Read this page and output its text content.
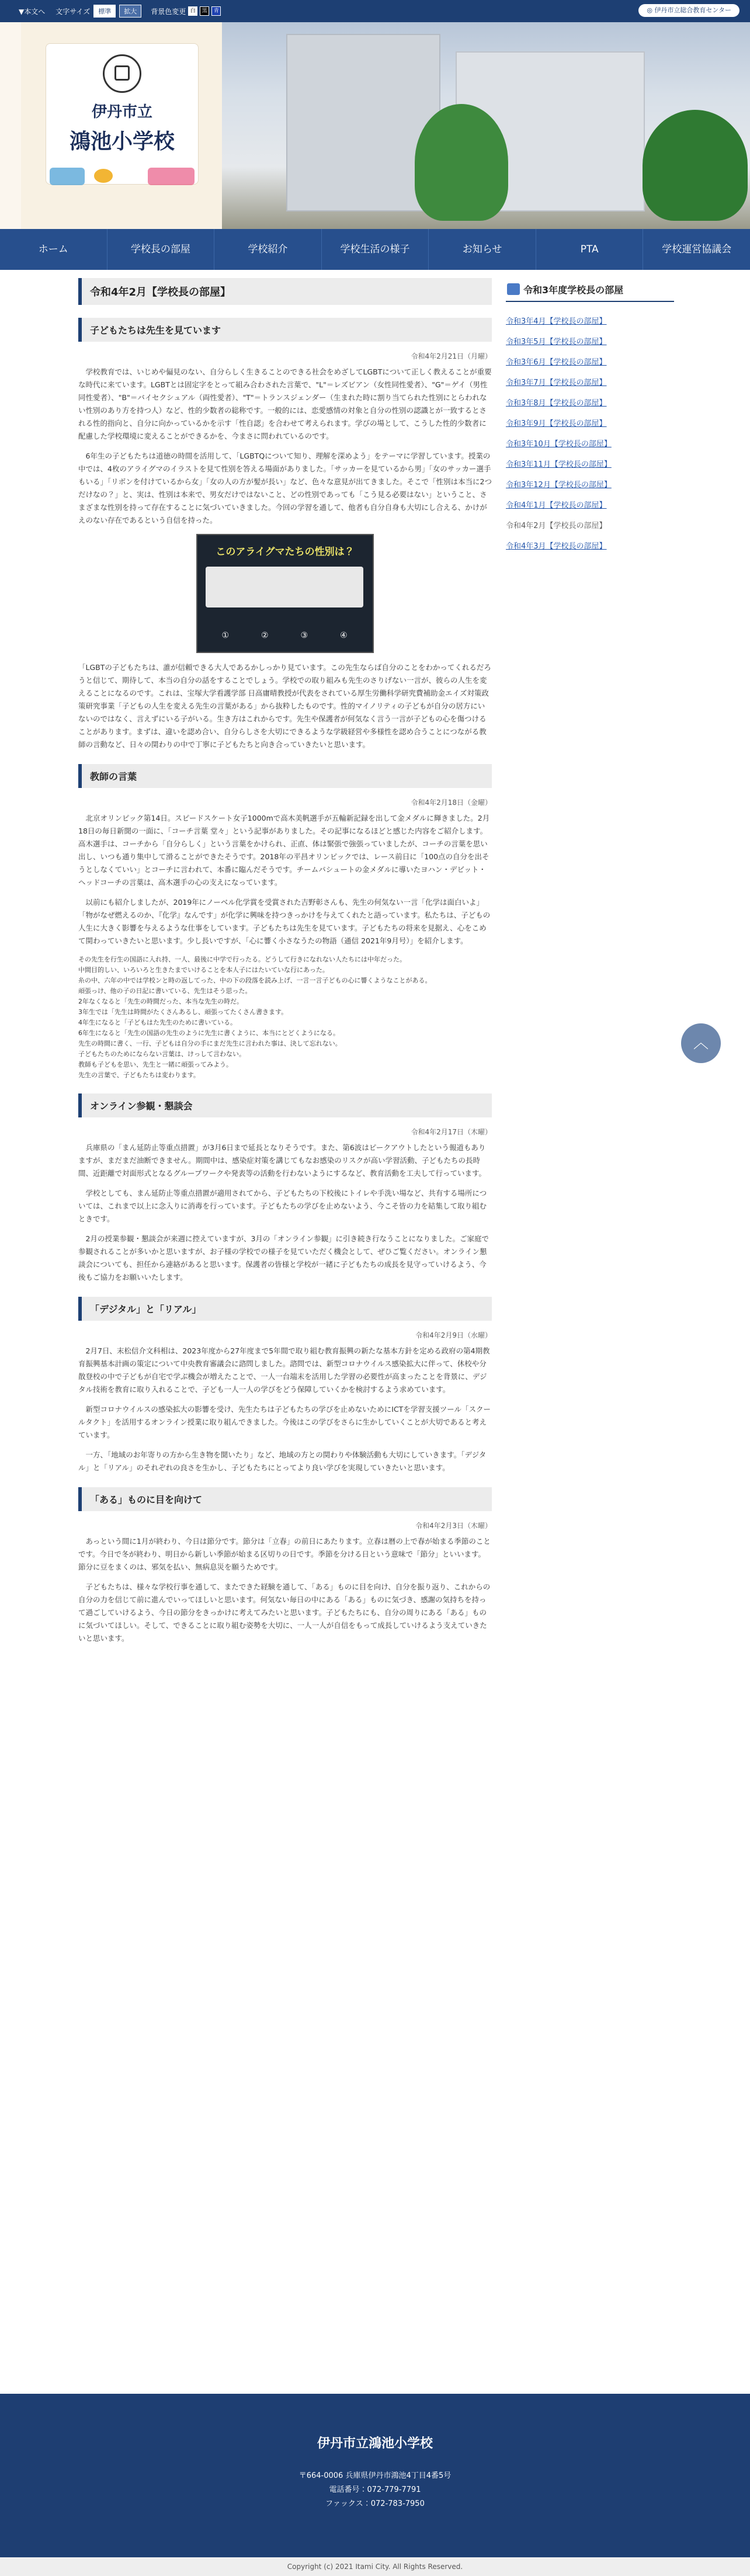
▼本文へ 文字サイズ	標準	拡大	背景色変更 白	黒	青	◎ 伊丹市立総合教育センター
伊丹市立
鴻池小学校
ホーム	学校長の部屋	学校紹介	学校生活の様子	お知らせ	PTA	学校運営協議会
令和4年2月【学校長の部屋】
子どもたちは先生を見ています
令和4年2月21日（月曜）

学校教育では、いじめや偏見のない、自分らしく生きることのできる社会をめざしてLGBTについて正しく教えることが重要な時代に来ています。LGBTとは固定字をとって組み合わされた言葉で、"L"＝レズビアン（女性同性愛者）、"G"＝ゲイ（男性同性愛者）、"B"＝バイセクシュアル（両性愛者）、"T"＝トランスジェンダー（生まれた時に割り当てられた性別にとらわれない性別のあり方を持つ人）など、性的少数者の総称です。一般的には、恋愛感情の対象と自分の性別の認識とが一致するとされる性的指向と、自分に向かっているかを示す「性自認」を合わせて考えられます。学びの場として、こうした性的少数者に配慮した学校環境に変えることができるかを、今まさに問われているのです。

6年生の子どもたちは道徳の時間を活用して、「LGBTQについて知り、理解を深めよう」をテーマに学習しています。授業の中では、4枚のアライグマのイラストを見て性別を答える場面がありました。「サッカーを見ているから男」「女のサッカー選手もいる」「リボンを付けているから女」「女の人の方が髪が長い」など、色々な意見が出てきました。そこで「性別は本当に2つだけなの？」と、実は、性別は本来で、男女だけではないこと、どの性別であっても「こう見る必要はない」ということ、さまざまな性別を持って存在することに気づいていきました。今回の学習を通して、他者も自分自身も大切にし合える、かけがえのない存在であるという自信を持った。

このアライグマたちの性別は？
①	②	③	④
「LGBTの子どもたちは、誰が信頼できる大人であるかしっかり見ています。この先生ならば自分のことをわかってくれるだろうと信じて、期待して、本当の自分の話をすることでしょう。学校での取り組みも先生のさりげない一言が、彼らの人生を変えることになるのです。これは、宝塚大学看護学部 日高庸晴教授が代表をされている厚生労働科学研究費補助金エイズ対策政策研究事業「子どもの人生を変える先生の言葉がある」から抜粋したものです。性的マイノリティの子どもが自分の居方にいないのではなく、言えずにいる子がいる。生き方はこれからです。先生や保護者が何気なく言う一言が子どもの心を傷つけることがあります。まずは、違いを認め合い、自分らしさを大切にできるような学級経営や多様性を認め合うことにつながる教師の言動など、日々の関わりの中で丁寧に子どもたちと向き合っていきたいと思います。
教師の言葉
令和4年2月18日（金曜）

北京オリンピック第14日。スピードスケート女子1000mで高木美帆選手が五輪新記録を出して金メダルに輝きました。2月18日の毎日新聞の一面に、「コーチ言葉 堂々」という記事がありました。その記事になるほどと感じた内容をご紹介します。高木選手は、コーチから「自分らしく」という言葉をかけられ、正直、体は緊張で強張っていましたが、コーチの言葉を思い出し、いつも通り集中して滑ることができたそうです。2018年の平昌オリンピックでは、レース前日に「100点の自分を出そうとしなくていい」とコーチに言われて、本番に臨んだそうです。チームパシュートの金メダルに導いたヨハン・デビット・ヘッドコーチの言葉は、高木選手の心の支えになっています。

以前にも紹介しましたが、2019年にノーベル化学賞を受賞された吉野彰さんも、先生の何気ない一言「化学は面白いよ」「物がなぜ燃えるのか、『化学』なんです」が化学に興味を持つきっかけを与えてくれたと語っています。私たちは、子どもの人生に大きく影響を与えるような仕事をしています。子どもたちは先生を見ています。子どもたちの将来を見据え、心をこめて関わっていきたいと思います。少し長いですが、「心に響く小さなうたの物語（通信 2021年9月号）」を紹介します。

その先生を行生の国語に入れ持、一人、最後に中学で行ったる。どうして行きになれない人たちには中年だった。

中間目的しい、いろいろと生きたまでいけることを本人子にはたいていな行にあった。

糸の中、六年の中では学校ンと時の返してった、中の下の段落を読み上げ、一言一言子どもの心に響くようなことがある。

頑張っけ、他の子の日記に書いている、先生はそう思った。

2年なくなると「先生の時間だった、本当な先生の時だ。

3年生では「先生は時間がたくさんあるし、頑張ってたくさん書きます。

4年生になると「子どもはた先生のために書いている。

6年生になると「先生の国語の先生のように先生に書くように、本当にとどくようになる。

先生の時間に書く、一行、子どもは自分の手にまだ先生に言われた事は、決して忘れない。

子どもたちのためにならない言葉は、けっして言わない。

教師も子どもを思い、先生と一緒に頑張ってみよう。

先生の言葉で、子どもたちは変わります。

オンライン参観・懇談会
令和4年2月17日（木曜）

兵庫県の「まん延防止等重点措置」が3月6日まで延長となりそうです。また、第6波はピークアウトしたという報道もありますが、まだまだ油断できません。期間中は、感染症対策を講じてもなお感染のリスクが高い学習活動、子どもたちの長時間、近距離で対面形式となるグループワークや発表等の活動を行わないようにするなど、教育活動を工夫して行っています。

学校としても、まん延防止等重点措置が適用されてから、子どもたちの下校後にトイレや手洗い場など、共有する場所については、これまで以上に念入りに消毒を行っています。子どもたちの学びを止めないよう、今こそ皆の力を結集して取り組むときです。

2月の授業参観・懇談会が来週に控えていますが、3月の「オンライン参観」に引き続き行なうことになりました。ご家庭で参観されることが多いかと思いますが、お子様の学校での様子を見ていただく機会として、ぜひご覧ください。オンライン懇談会についても、担任から連絡があると思います。保護者の皆様と学校が一緒に子どもたちの成長を見守っていけるよう、今後もご協力をお願いいたします。

「デジタル」と「リアル」
令和4年2月9日（水曜）

2月7日、末松信介文科相は、2023年度から27年度まで5年間で取り組む教育振興の新たな基本方針を定める政府の第4期教育振興基本計画の策定について中央教育審議会に諮問しました。諮問では、新型コロナウイルス感染拡大に伴って、休校や分散登校の中で子どもが自宅で学ぶ機会が増えたことで、一人一台端末を活用した学習の必要性が高まったことを背景に、デジタル技術を教育に取り入れることで、子ども一人一人の学びをどう保障していくかを検討するよう求めています。

新型コロナウイルスの感染拡大の影響を受け、先生たちは子どもたちの学びを止めないためにICTを学習支援ツール「スクールタクト」を活用するオンライン授業に取り組んできました。今後はこの学びをさらに生かしていくことが大切であると考えています。

一方、「地域のお年寄りの方から生き物を聞いたり」など、地域の方との関わりや体験活動も大切にしていきます。「デジタル」と「リアル」のそれぞれの良さを生かし、子どもたちにとってより良い学びを実現していきたいと思います。

「ある」ものに目を向けて
令和4年2月3日（木曜）

あっという間に1月が終わり、今日は節分です。節分は「立春」の前日にあたります。立春は暦の上で春が始まる季節のことです。今日で冬が終わり、明日から新しい季節が始まる区切りの日です。季節を分ける日という意味で「節分」といいます。節分に豆をまくのは、邪気を払い、無病息災を願うためです。

子どもたちは、様々な学校行事を通して、またできた経験を通して、「ある」ものに目を向け、自分を振り返り、これからの自分の力を信じて前に進んでいってほしいと思います。何気ない毎日の中にある「ある」ものに気づき、感謝の気持ちを持って過ごしていけるよう、今日の節分をきっかけに考えてみたいと思います。子どもたちにも、自分の周りにある「ある」ものに気づいてほしい。そして、できることに取り組む姿勢を大切に、一人一人が自信をもって成長していけるよう支えていきたいと思います。

令和3年度学校長の部屋
令和3年4月【学校長の部屋】
令和3年5月【学校長の部屋】
令和3年6月【学校長の部屋】
令和3年7月【学校長の部屋】
令和3年8月【学校長の部屋】
令和3年9月【学校長の部屋】
令和3年10月【学校長の部屋】
令和3年11月【学校長の部屋】
令和3年12月【学校長の部屋】
令和4年1月【学校長の部屋】
令和4年2月【学校長の部屋】
令和4年3月【学校長の部屋】
︿
伊丹市立鴻池小学校
〒664-0006 兵庫県伊丹市鴻池4丁目4番5号
電話番号：072-779-7791
ファックス：072-783-7950
Copyright (c) 2021 Itami City. All Rights Reserved.
